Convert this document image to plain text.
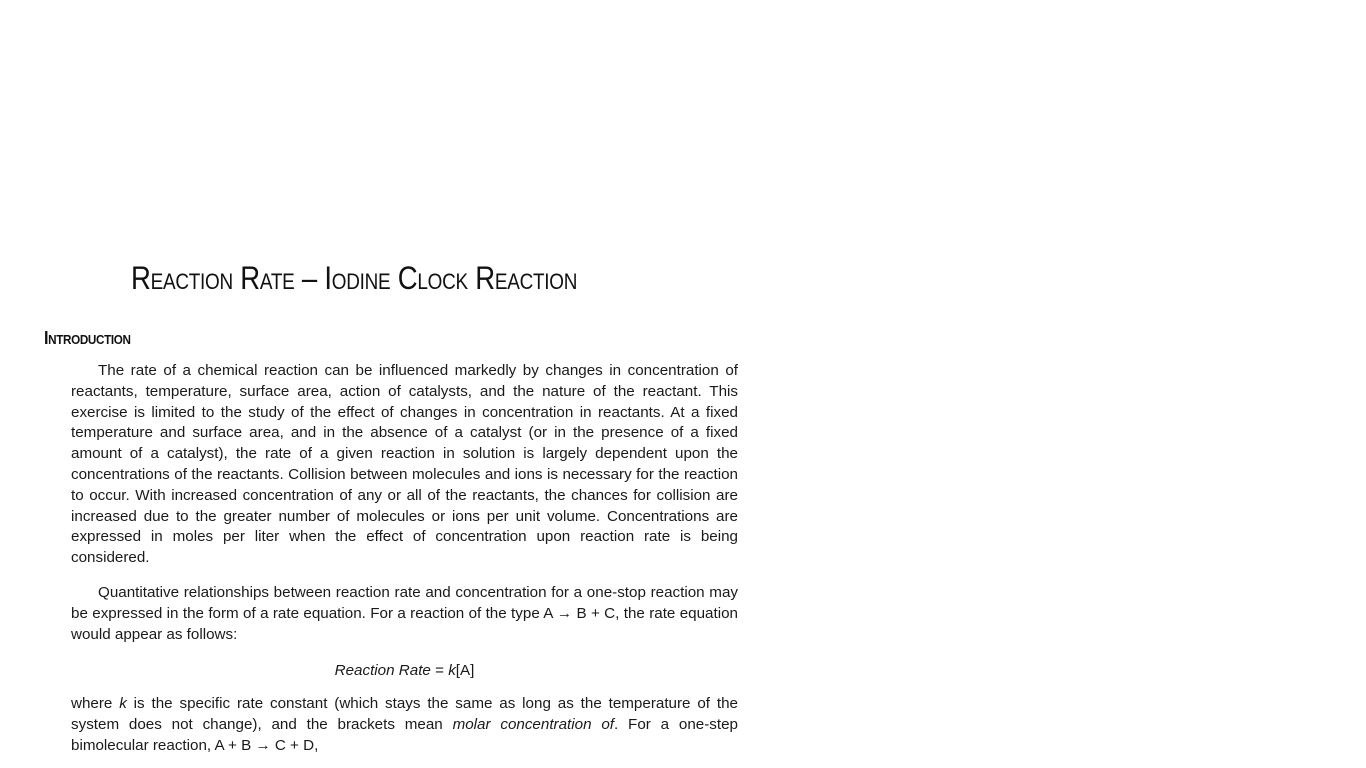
Reaction Rate – Iodine Clock Reaction
Introduction

The rate of a chemical reaction can be influenced markedly by changes in concentration of reactants, temperature, surface area, action of catalysts, and the nature of the reactant. This exercise is limited to the study of the effect of changes in concentration in reactants. At a fixed temperature and surface area, and in the absence of a catalyst (or in the presence of a fixed amount of a catalyst), the rate of a given reaction in solution is largely dependent upon the concentrations of the reactants. Collision between molecules and ions is necessary for the reaction to occur. With increased concentration of any or all of the reactants, the chances for collision are increased due to the greater number of molecules or ions per unit volume. Concentrations are expressed in moles per liter when the effect of concentration upon reaction rate is being considered.

Quantitative relationships between reaction rate and concentration for a one-stop reaction may be expressed in the form of a rate equation. For a reaction of the type A → B + C, the rate equation would appear as follows:

Reaction Rate = k[A]

where k is the specific rate constant (which stays the same as long as the temperature of the system does not change), and the brackets mean molar concentration of. For a one-step bimolecular reaction, A + B → C + D,
